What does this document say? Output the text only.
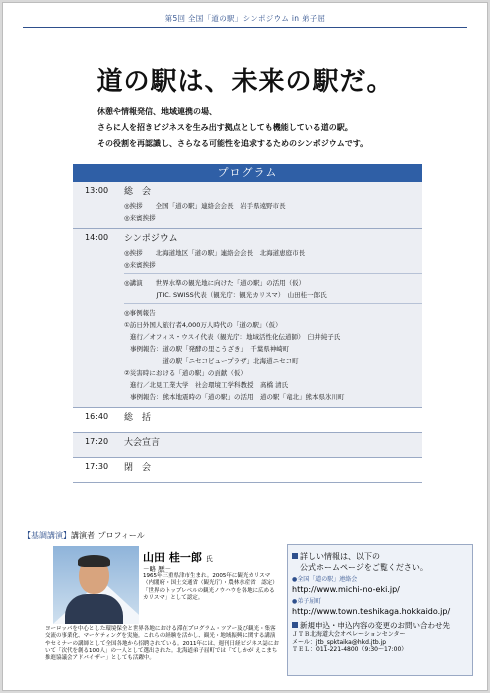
第5回 全国「道の駅」シンポジウム in 弟子屈
道の駅は、未来の駅だ。
休憩や情報発信、地域連携の場、
さらに人を招きビジネスを生み出す拠点としても機能している道の駅。
その役割を再認識し、さらなる可能性を追求するためのシンポジウムです。
プログラム
13:00 総　会
◎挨拶　　全国「道の駅」連絡会会長　岩手県遠野市長
◎来賓挨拶
14:00 シンポジウム
◎挨拶　　北海道地区「道の駅」連絡会会長　北海道恵庭市長
◎来賓挨拶
◎講演　　世界水準の観光地に向けた「道の駅」の活用（仮）
　　　　　JTIC. SWISS代表（観光庁：観光カリスマ）　山田桂一郎氏
◎事例報告
①訪日外国人旅行者4,000万人時代の「道の駅」（仮）
進行／オフィス・ウスイ代表（観光庁：地域活性化伝道師）　臼井純子氏
事例報告：道の駅「発酵の里こうざき」　千葉県神崎町
　　　　　道の駅「ニセコビュープラザ」北海道ニセコ町
②災害時における「道の駅」の貢献（仮）
進行／北見工業大学　社会環境工学科教授　髙橋 清氏
事例報告：熊本地震時の「道の駅」の活用　道の駅「竜北」熊本県氷川町
16:40 総　括
17:20 大会宣言
17:30 閉　会
【基調講演】講演者 プロフィール
山田 桂一郎 氏
－略 歴－
1965年三重県津市生まれ。2005年に観光カリスマ（内閣府・国土交通省（観光庁）・農林水産省　認定）「世界のトップレベルの観光ノウハウを各地に広めるカリスマ」として認定。
ヨーロッパを中心とした環境保全と世界各地における滞在プログラム・ツアー及び観光・集客交流の事業化、マーケティングを実施。これらの経験を活かし、観光・地域振興に関する講演やセミナーの講師として全国各地から招聘されている。2011年には、週刊日経ビジネス誌において「次代を創る100人」の一人として選出された。北海道弟子屈町では「てしかが えこまち推進協議会アドバイザー」としても活躍中。
詳しい情報は、以下の
公式ホームページをご覧ください。
●全国「道の駅」連絡会
http://www.michi-no-eki.jp/
●弟子屈町
http://www.town.teshikaga.hokkaido.jp/
新規申込・申込内容の変更のお問い合わせ先
ＪＴＢ北海道大会オペレーションセンター
メール：jtb_spktaika@hkd.jtb.jp
ＴＥＬ：011-221-4800（9:30〜17:00）
